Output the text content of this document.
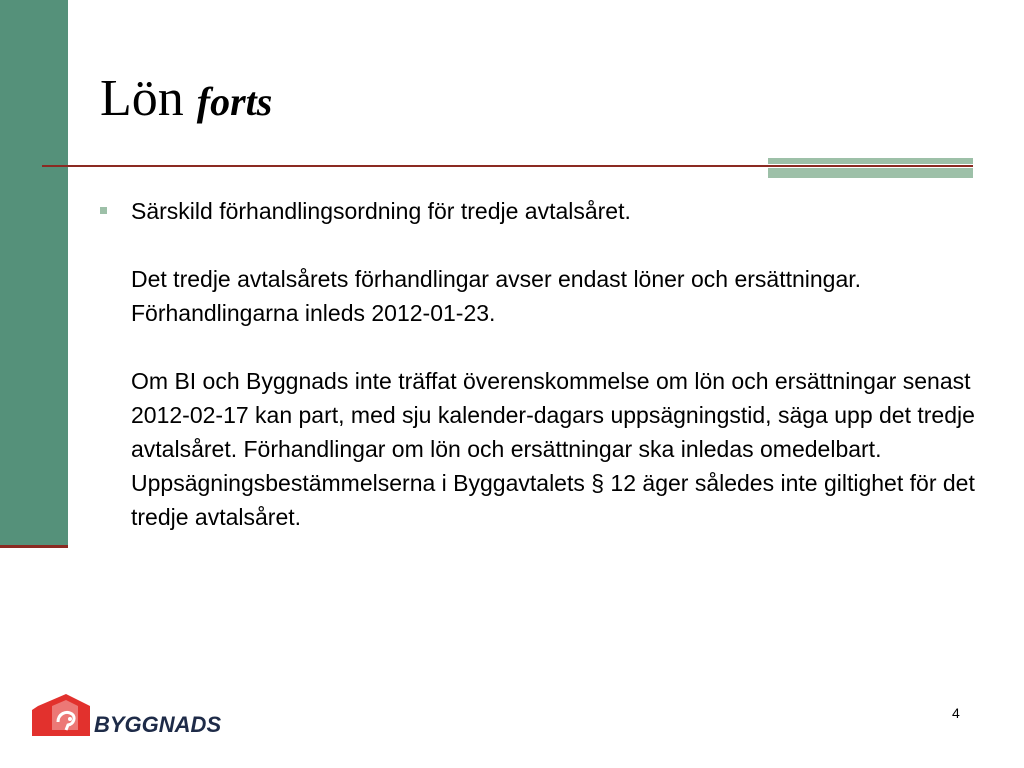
Lön forts

Särskild förhandlingsordning för tredje avtalsåret.

Det tredje avtalsårets förhandlingar avser endast löner och ersättningar. Förhandlingarna inleds 2012-01-23.

Om BI och Byggnads inte träffat överenskommelse om lön och ersättningar senast 2012-02-17 kan part, med sju kalender-dagars uppsägningstid, säga upp det tredje avtalsåret. Förhandlingar om lön och ersättningar ska inledas omedelbart. Uppsägningsbestämmelserna i Byggavtalets § 12 äger således inte giltighet för det tredje avtalsåret.

BYGGNADS	4
